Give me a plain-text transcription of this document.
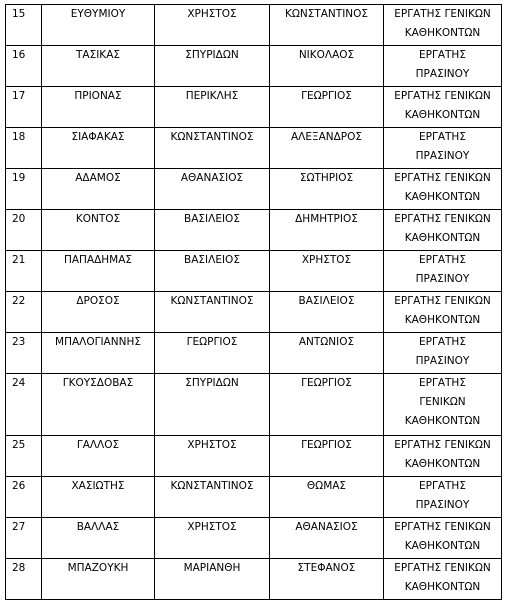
15	ΕΥΘΥΜΙΟΥ	ΧΡΗΣΤΟΣ	ΚΩΝΣΤΑΝΤΙΝΟΣ	ΕΡΓΑΤΗΣ ΓΕΝΙΚΩΝ
ΚΑΘΗΚΟΝΤΩΝ
16	ΤΑΣΙΚΑΣ	ΣΠΥΡΙΔΩΝ	ΝΙΚΟΛΑΟΣ	ΕΡΓΑΤΗΣ
ΠΡΑΣΙΝΟΥ
17	ΠΡΙΟΝΑΣ	ΠΕΡΙΚΛΗΣ	ΓΕΩΡΓΙΟΣ	ΕΡΓΑΤΗΣ ΓΕΝΙΚΩΝ
ΚΑΘΗΚΟΝΤΩΝ
18	ΣΙΑΦΑΚΑΣ	ΚΩΝΣΤΑΝΤΙΝΟΣ	ΑΛΕΞΑΝΔΡΟΣ	ΕΡΓΑΤΗΣ
ΠΡΑΣΙΝΟΥ
19	ΑΔΑΜΟΣ	ΑΘΑΝΑΣΙΟΣ	ΣΩΤΗΡΙΟΣ	ΕΡΓΑΤΗΣ ΓΕΝΙΚΩΝ
ΚΑΘΗΚΟΝΤΩΝ
20	ΚΟΝΤΟΣ	ΒΑΣΙΛΕΙΟΣ	ΔΗΜΗΤΡΙΟΣ	ΕΡΓΑΤΗΣ ΓΕΝΙΚΩΝ
ΚΑΘΗΚΟΝΤΩΝ
21	ΠΑΠΑΔΗΜΑΣ	ΒΑΣΙΛΕΙΟΣ	ΧΡΗΣΤΟΣ	ΕΡΓΑΤΗΣ
ΠΡΑΣΙΝΟΥ
22	ΔΡΟΣΟΣ	ΚΩΝΣΤΑΝΤΙΝΟΣ	ΒΑΣΙΛΕΙΟΣ	ΕΡΓΑΤΗΣ ΓΕΝΙΚΩΝ
ΚΑΘΗΚΟΝΤΩΝ
23	ΜΠΑΛΟΓΙΑΝΝΗΣ	ΓΕΩΡΓΙΟΣ	ΑΝΤΩΝΙΟΣ	ΕΡΓΑΤΗΣ
ΠΡΑΣΙΝΟΥ
24	ΓΚΟΥΣΔΟΒΑΣ	ΣΠΥΡΙΔΩΝ	ΓΕΩΡΓΙΟΣ	ΕΡΓΑΤΗΣ
ΓΕΝΙΚΩΝ
ΚΑΘΗΚΟΝΤΩΝ
25	ΓΑΛΛΟΣ	ΧΡΗΣΤΟΣ	ΓΕΩΡΓΙΟΣ	ΕΡΓΑΤΗΣ ΓΕΝΙΚΩΝ
ΚΑΘΗΚΟΝΤΩΝ
26	ΧΑΣΙΩΤΗΣ	ΚΩΝΣΤΑΝΤΙΝΟΣ	ΘΩΜΑΣ	ΕΡΓΑΤΗΣ
ΠΡΑΣΙΝΟΥ
27	ΒΑΛΛΑΣ	ΧΡΗΣΤΟΣ	ΑΘΑΝΑΣΙΟΣ	ΕΡΓΑΤΗΣ ΓΕΝΙΚΩΝ
ΚΑΘΗΚΟΝΤΩΝ
28	ΜΠΑΖΟΥΚΗ	ΜΑΡΙΑΝΘΗ	ΣΤΕΦΑΝΟΣ	ΕΡΓΑΤΗΣ ΓΕΝΙΚΩΝ
ΚΑΘΗΚΟΝΤΩΝ
